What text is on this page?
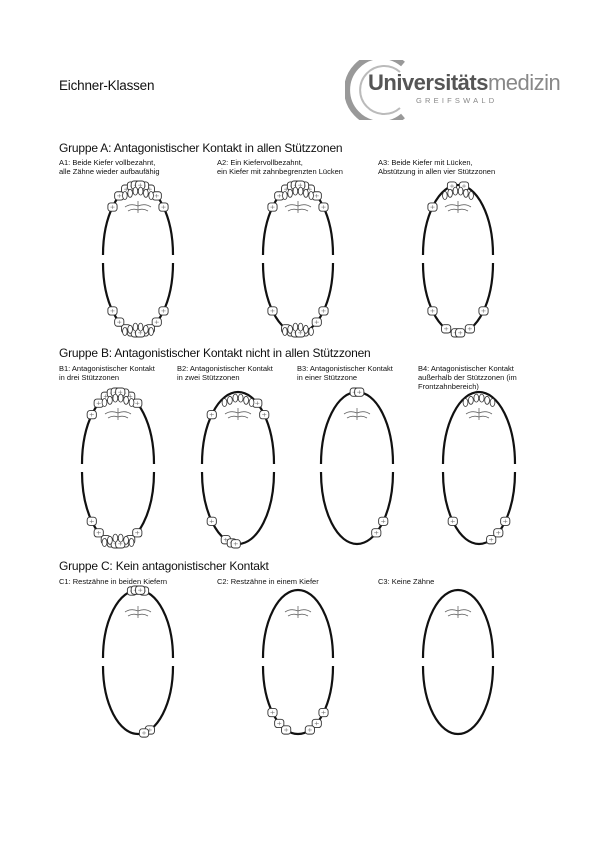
Eichner-Klassen	Universitätsmedizin
GREIFSWALD
Gruppe A: Antagonistischer Kontakt in allen Stützzonen
A1: Beide Kiefer vollbezahnt,
alle Zähne wieder aufbaufähig
A2: Ein Kiefervollbezahnt,
ein Kiefer mit zahnbegrenzten Lücken
A3: Beide Kiefer mit Lücken,
Abstützung in allen vier Stützzonen
Gruppe B: Antagonistischer Kontakt nicht in allen Stützzonen
B1: Antagonistischer Kontakt
in drei Stützzonen
B2: Antagonistischer Kontakt
in zwei Stützzonen
B3: Antagonistischer Kontakt
in einer Stützzone
B4: Antagonistischer Kontakt
außerhalb der Stützzonen (im
Frontzahnbereich)
Gruppe C: Kein antagonistischer Kontakt
C1: Restzähne in beiden Kiefern	C2: Restzähne in einem Kiefer	C3: Keine Zähne
